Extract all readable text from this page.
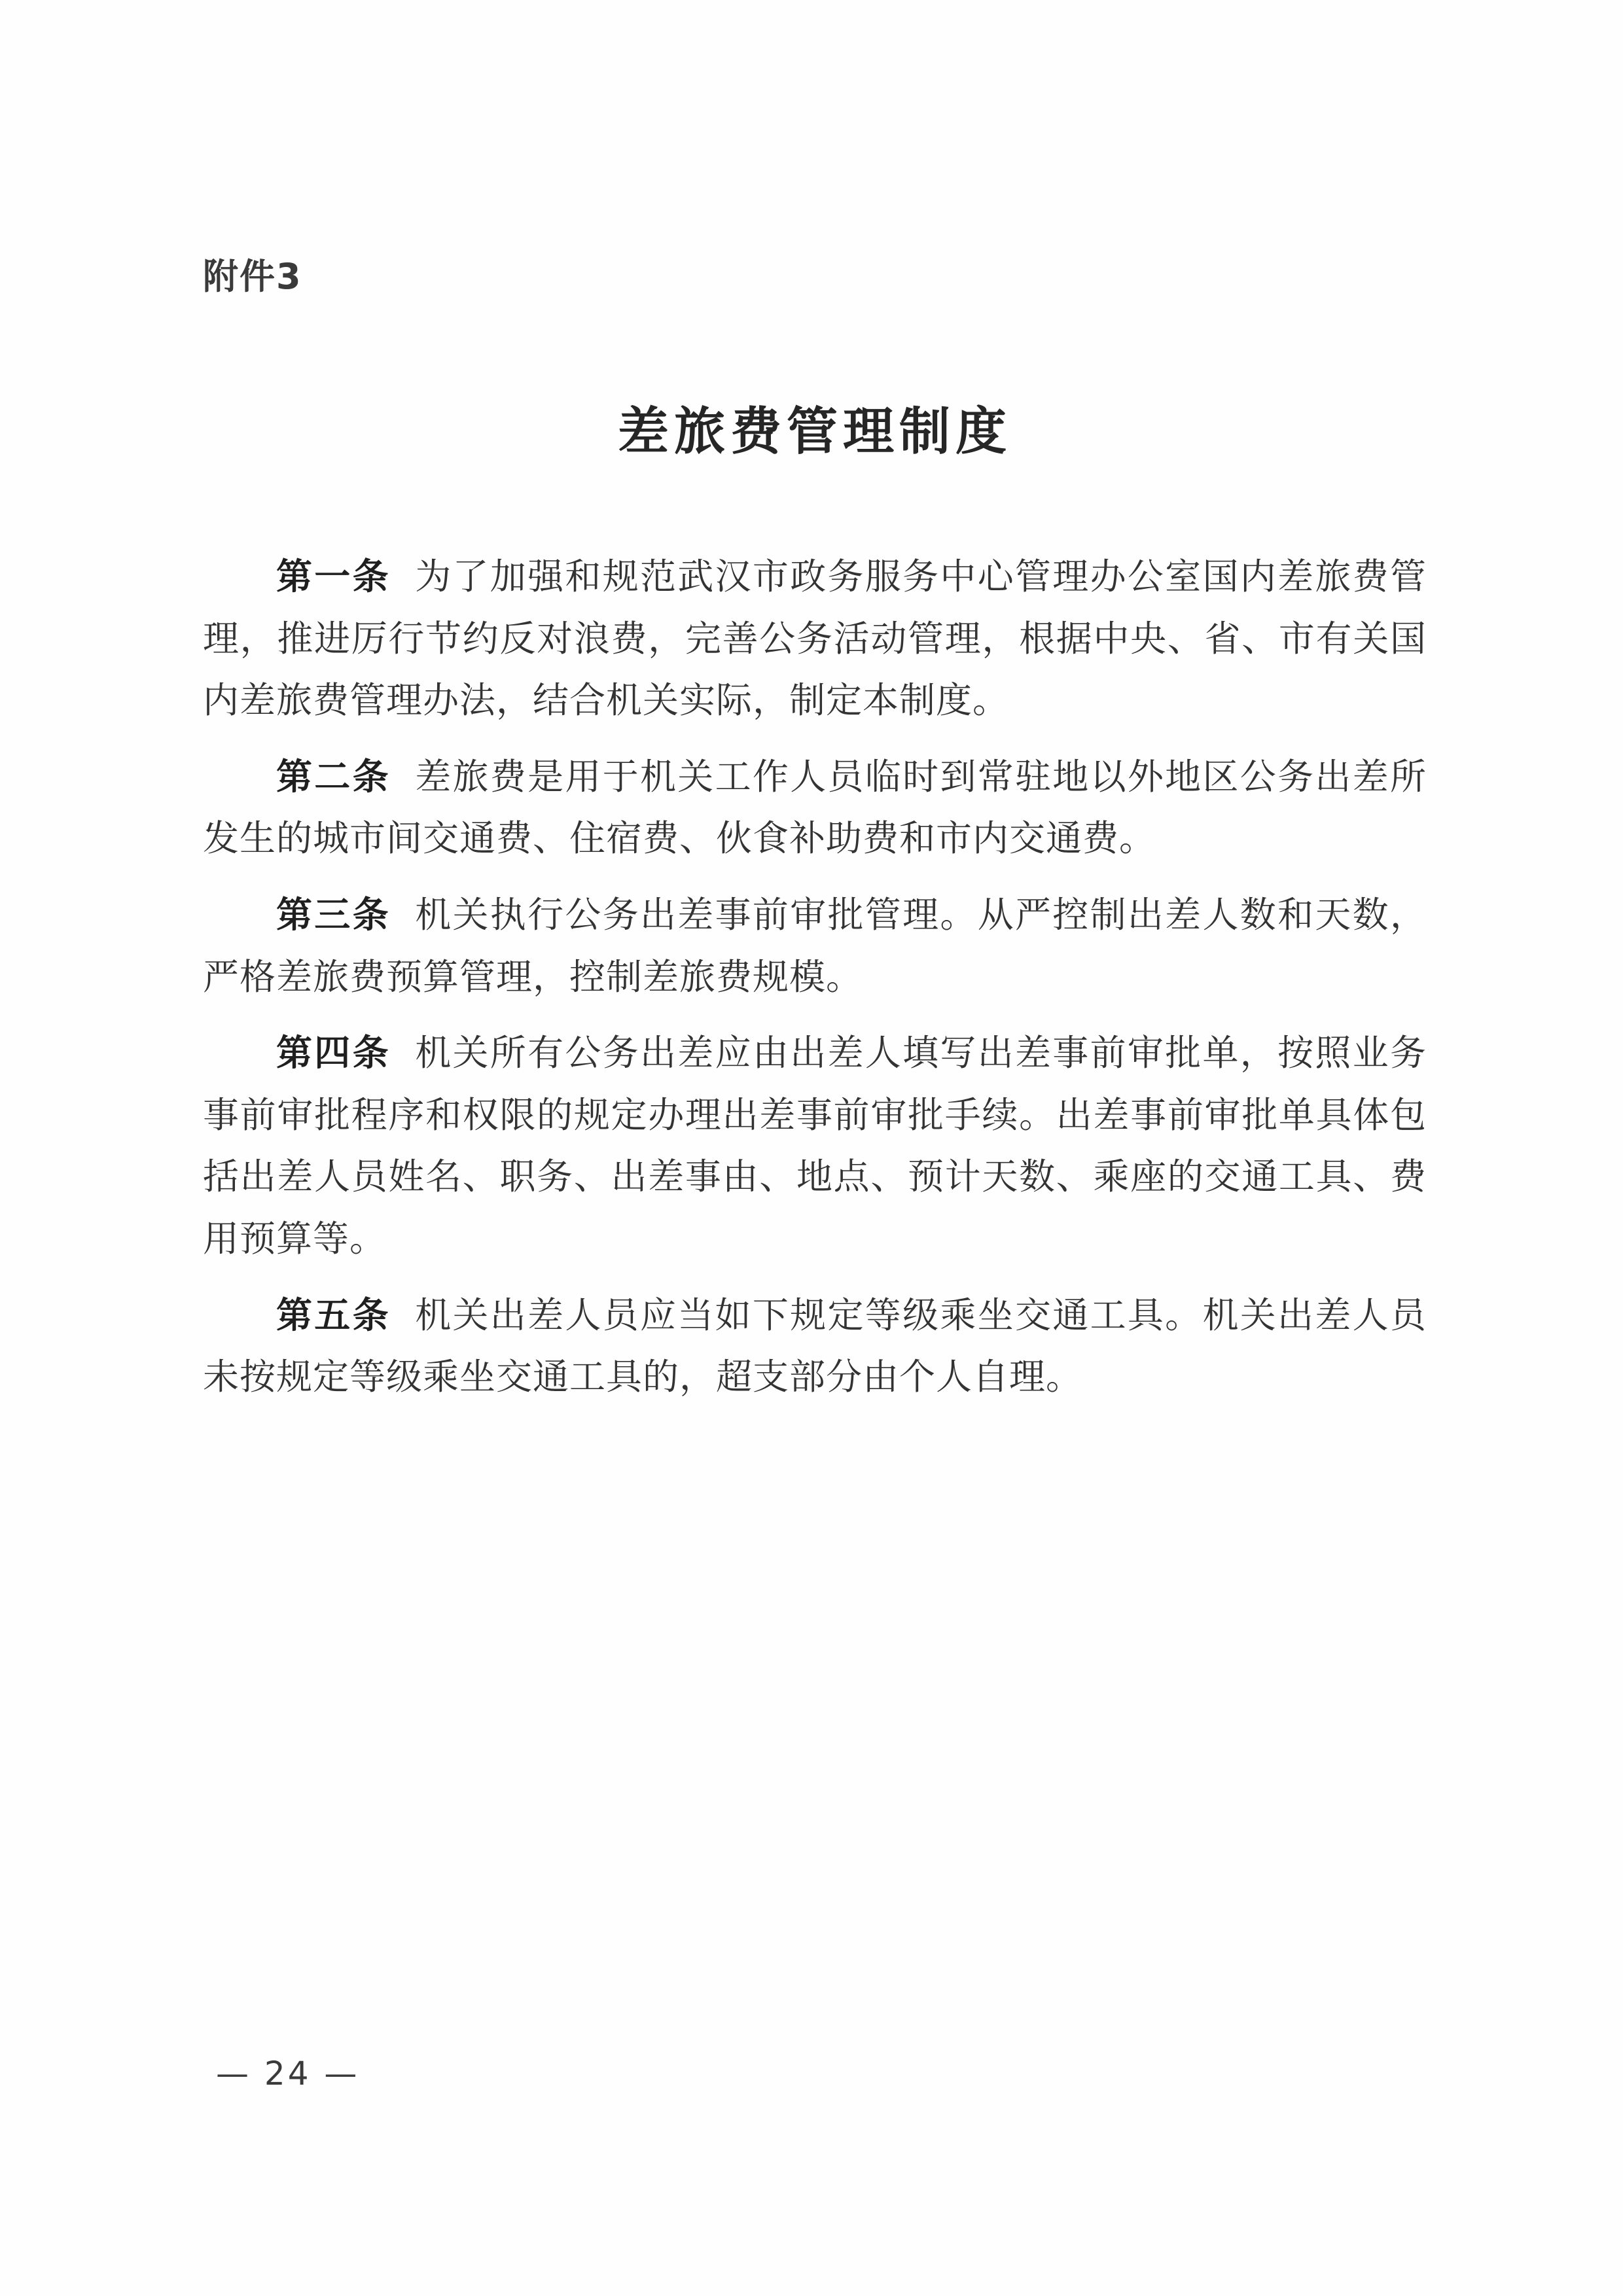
附件3
差旅费管理制度

第一条 为了加强和规范武汉市政务服务中心管理办公室国内差旅费管理，推进厉行节约反对浪费，完善公务活动管理，根据中央、省、市有关国内差旅费管理办法，结合机关实际，制定本制度。

第二条 差旅费是用于机关工作人员临时到常驻地以外地区公务出差所发生的城市间交通费、住宿费、伙食补助费和市内交通费。

第三条 机关执行公务出差事前审批管理。从严控制出差人数和天数，严格差旅费预算管理，控制差旅费规模。

第四条 机关所有公务出差应由出差人填写出差事前审批单，按照业务事前审批程序和权限的规定办理出差事前审批手续。出差事前审批单具体包括出差人员姓名、职务、出差事由、地点、预计天数、乘座的交通工具、费用预算等。

第五条 机关出差人员应当如下规定等级乘坐交通工具。机关出差人员未按规定等级乘坐交通工具的，超支部分由个人自理。

— 24 —
